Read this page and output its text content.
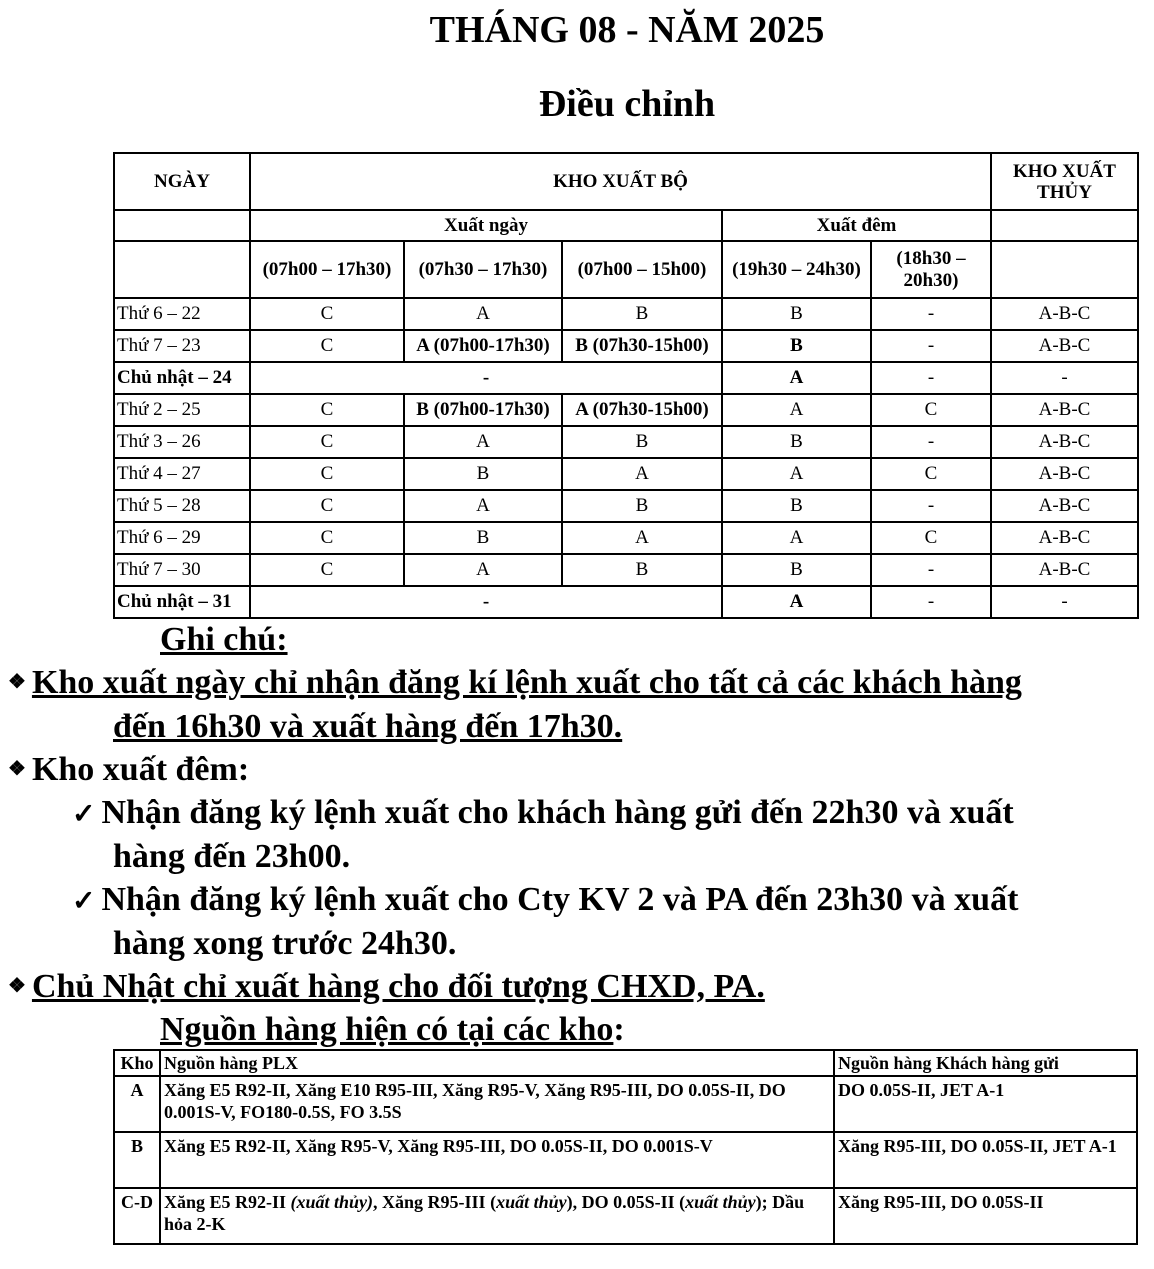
THÁNG 08 - NĂM 2025
Điều chỉnh
NGÀY	KHO XUẤT BỘ					KHO XUẤT THỦY
	Xuất ngày			Xuất đêm		
	(07h00 – 17h30)	(07h30 – 17h30)	(07h00 – 15h00)	(19h30 – 24h30)	(18h30 – 20h30)	
Thứ 6 – 22	C	A	B	B	-	A-B-C
Thứ 7 – 23	C	A (07h00-17h30)	B (07h30-15h00)	B	-	A-B-C
Chủ nhật – 24	-			A	-	-
Thứ 2 – 25	C	B (07h00-17h30)	A (07h30-15h00)	A	C	A-B-C
Thứ 3 – 26	C	A	B	B	-	A-B-C
Thứ 4 – 27	C	B	A	A	C	A-B-C
Thứ 5 – 28	C	A	B	B	-	A-B-C
Thứ 6 – 29	C	B	A	A	C	A-B-C
Thứ 7 – 30	C	A	B	B	-	A-B-C
Chủ nhật – 31	-			A	-	-
Ghi chú:
❖ Kho xuất ngày chỉ nhận đăng kí lệnh xuất cho tất cả các khách hàng
đến 16h30 và xuất hàng đến 17h30.
❖ Kho xuất đêm:
✓ Nhận đăng ký lệnh xuất cho khách hàng gửi đến 22h30 và xuất
hàng đến 23h00.
✓ Nhận đăng ký lệnh xuất cho Cty KV 2 và PA đến 23h30 và xuất
hàng xong trước 24h30.
❖ Chủ Nhật chỉ xuất hàng cho đối tượng CHXD, PA.
Nguồn hàng hiện có tại các kho:
Kho	Nguồn hàng PLX	Nguồn hàng Khách hàng gửi
A	Xăng E5 R92-II, Xăng E10 R95-III, Xăng R95-V, Xăng R95-III, DO 0.05S-II, DO 0.001S-V, FO180-0.5S, FO 3.5S	DO 0.05S-II, JET A-1
B	Xăng E5 R92-II, Xăng R95-V, Xăng R95-III, DO 0.05S-II, DO 0.001S-V	Xăng R95-III, DO 0.05S-II, JET A-1
C-D	Xăng E5 R92-II (xuất thủy), Xăng R95-III (xuất thủy), DO 0.05S-II (xuất thủy); Dầu hỏa 2-K	Xăng R95-III, DO 0.05S-II
